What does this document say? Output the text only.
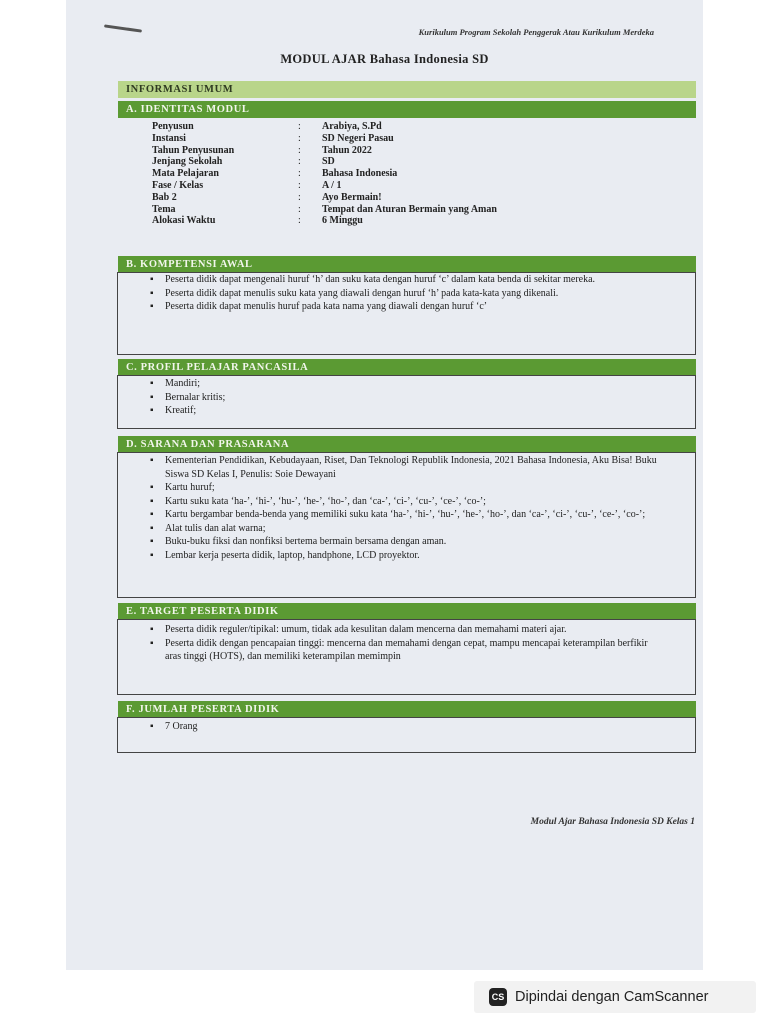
Kurikulum Program Sekolah Penggerak Atau Kurikulum Merdeka
MODUL AJAR Bahasa Indonesia SD
INFORMASI UMUM
A. IDENTITAS MODUL
Penyusun	:	Arabiya, S.Pd
Instansi	:	SD Negeri Pasau
Tahun Penyusunan	:	Tahun 2022
Jenjang Sekolah	:	SD
Mata Pelajaran	:	Bahasa Indonesia
Fase / Kelas	:	A / 1
Bab 2	:	Ayo Bermain!
Tema	:	Tempat dan Aturan Bermain yang Aman
Alokasi Waktu	:	6 Minggu
B. KOMPETENSI AWAL
▪ Peserta didik dapat mengenali huruf ‘h’ dan suku kata dengan huruf ‘c’ dalam kata benda di sekitar mereka.
▪ Peserta didik dapat menulis suku kata yang diawali dengan huruf ‘h’ pada kata-kata yang dikenali.
▪ Peserta didik dapat menulis huruf pada kata nama yang diawali dengan huruf ‘c’
C. PROFIL PELAJAR PANCASILA
▪ Mandiri;
▪ Bernalar kritis;
▪ Kreatif;
D. SARANA DAN PRASARANA
▪ Kementerian Pendidikan, Kebudayaan, Riset, Dan Teknologi Republik Indonesia, 2021 Bahasa Indonesia, Aku Bisa! Buku Siswa SD Kelas I, Penulis: Soie Dewayani
▪ Kartu huruf;
▪ Kartu suku kata ‘ha-’, ‘hi-’, ‘hu-’, ‘he-’, ‘ho-’, dan ‘ca-’, ‘ci-’, ‘cu-’, ‘ce-’, ‘co-’;
▪ Kartu bergambar benda-benda yang memiliki suku kata ‘ha-’, ‘hi-’, ‘hu-’, ‘he-’, ‘ho-’, dan ‘ca-’, ‘ci-’, ‘cu-’, ‘ce-’, ‘co-’;
▪ Alat tulis dan alat warna;
▪ Buku-buku fiksi dan nonfiksi bertema bermain bersama dengan aman.
▪ Lembar kerja peserta didik, laptop, handphone, LCD proyektor.
E. TARGET PESERTA DIDIK
▪ Peserta didik reguler/tipikal: umum, tidak ada kesulitan dalam mencerna dan memahami materi ajar.
▪ Peserta didik dengan pencapaian tinggi: mencerna dan memahami dengan cepat, mampu mencapai keterampilan berfikir aras tinggi (HOTS), dan memiliki keterampilan memimpin
F. JUMLAH PESERTA DIDIK
▪ 7 Orang
Modul Ajar Bahasa Indonesia SD Kelas 1
CS Dipindai dengan CamScanner
